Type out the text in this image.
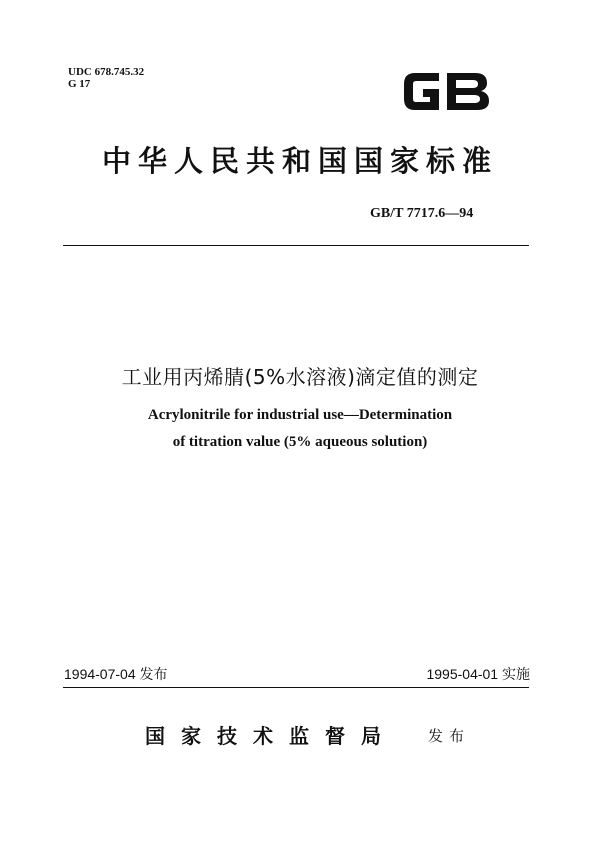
UDC 678.745.32
G 17
中华人民共和国国家标准
GB/T 7717.6—94
工业用丙烯腈(5%水溶液)滴定值的测定
Acrylonitrile for industrial use—Determination
of titration value (5% aqueous solution)
1994-07-04 发布	1995-04-01 实施
国家技术监督局 发布
